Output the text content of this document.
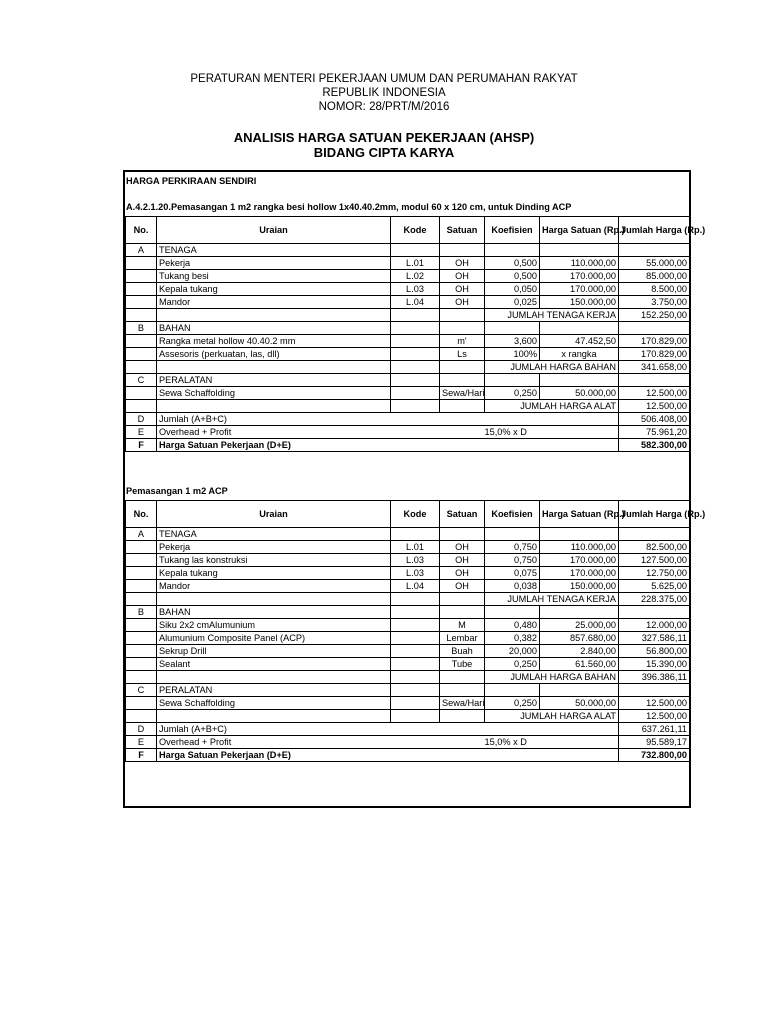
PERATURAN MENTERI PEKERJAAN UMUM DAN PERUMAHAN RAKYAT
REPUBLIK INDONESIA
NOMOR: 28/PRT/M/2016
ANALISIS HARGA SATUAN PEKERJAAN (AHSP)
BIDANG CIPTA KARYA
HARGA PERKIRAAN SENDIRI
A.4.2.1.20.Pemasangan 1 m2 rangka besi hollow 1x40.40.2mm, modul 60 x 120 cm, untuk Dinding ACP
No.	Uraian	Kode	Satuan	Koefisien	Harga Satuan (Rp.)	Jumlah Harga (Rp.)
A	TENAGA					
	Pekerja	L.01	OH	0,500	110.000,00	55.000,00
	Tukang besi	L.02	OH	0,500	170.000,00	85.000,00
	Kepala tukang	L.03	OH	0,050	170.000,00	8.500,00
	Mandor	L.04	OH	0,025	150.000,00	3.750,00
				JUMLAH TENAGA KERJA		152.250,00
B	BAHAN					
	Rangka metal hollow 40.40.2 mm		m'	3,600	47.452,50	170.829,00
	Assesoris (perkuatan, las, dll)		Ls	100%	x rangka	170.829,00
				JUMLAH HARGA BAHAN		341.658,00
C	PERALATAN					
	Sewa Schaffolding		Sewa/Hari	0,250	50.000,00	12.500,00
				JUMLAH HARGA ALAT		12.500,00
D	Jumlah (A+B+C)					506.408,00
E	Overhead + Profit			15,0% x D		75.961,20
F	Harga Satuan Pekerjaan (D+E)					582.300,00
Pemasangan 1 m2 ACP
No.	Uraian	Kode	Satuan	Koefisien	Harga Satuan (Rp.)	Jumlah Harga (Rp.)
A	TENAGA					
	Pekerja	L.01	OH	0,750	110.000,00	82.500,00
	Tukang las konstruksi	L.03	OH	0,750	170.000,00	127.500,00
	Kepala tukang	L.03	OH	0,075	170.000,00	12.750,00
	Mandor	L.04	OH	0,038	150.000,00	5.625,00
				JUMLAH TENAGA KERJA		228.375,00
B	BAHAN					
	Siku 2x2 cmAlumunium		M	0,480	25.000,00	12.000,00
	Alumunium Composite Panel (ACP)		Lembar	0,382	857.680,00	327.586,11
	Sekrup Drill		Buah	20,000	2.840,00	56.800,00
	Sealant		Tube	0,250	61.560,00	15.390,00
				JUMLAH HARGA BAHAN		396.386,11
C	PERALATAN					
	Sewa Schaffolding		Sewa/Hari	0,250	50.000,00	12.500,00
				JUMLAH HARGA ALAT		12.500,00
D	Jumlah (A+B+C)					637.261,11
E	Overhead + Profit			15,0% x D		95.589,17
F	Harga Satuan Pekerjaan (D+E)					732.800,00
